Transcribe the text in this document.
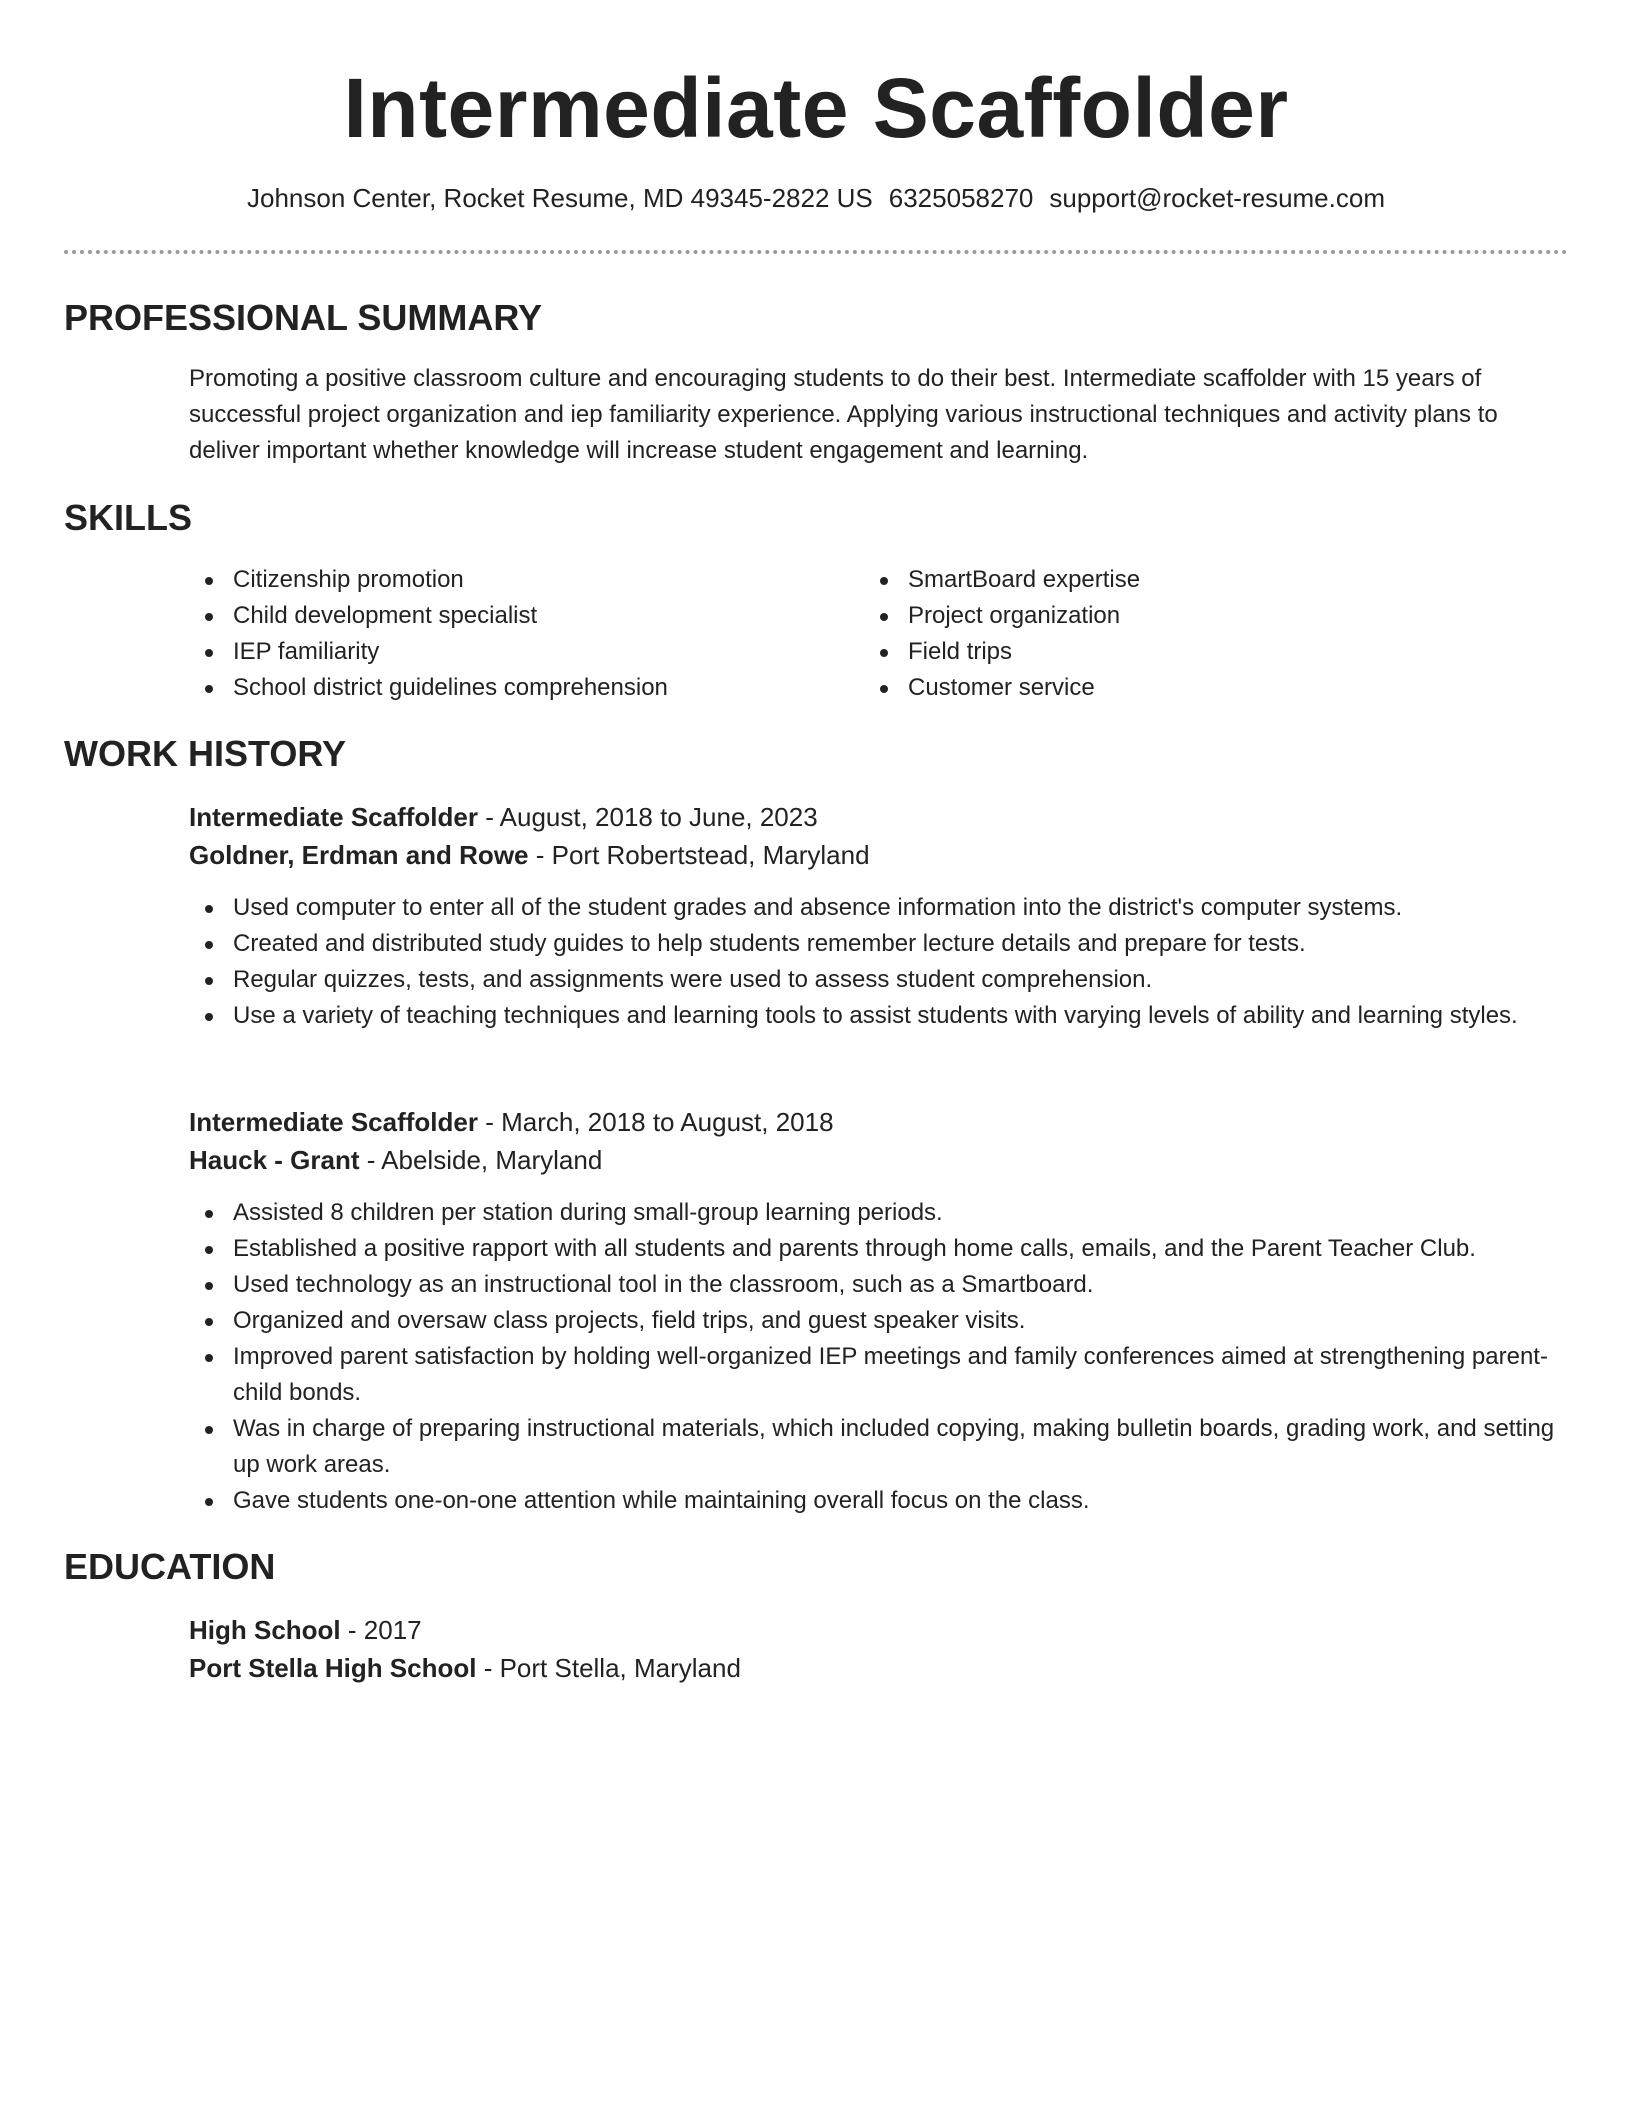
Intermediate Scaffolder

Johnson Center, Rocket Resume, MD 49345-2822 US 6325058270 support@rocket-resume.com

PROFESSIONAL SUMMARY

Promoting a positive classroom culture and encouraging students to do their best. Intermediate scaffolder with 15 years of successful project organization and iep familiarity experience. Applying various instructional techniques and activity plans to deliver important whether knowledge will increase student engagement and learning.

SKILLS
Citizenship promotion
Child development specialist
IEP familiarity
School district guidelines comprehension
SmartBoard expertise
Project organization
Field trips
Customer service
WORK HISTORY

Intermediate Scaffolder - August, 2018 to June, 2023

Goldner, Erdman and Rowe - Port Robertstead, Maryland

Used computer to enter all of the student grades and absence information into the district's computer systems.
Created and distributed study guides to help students remember lecture details and prepare for tests.
Regular quizzes, tests, and assignments were used to assess student comprehension.
Use a variety of teaching techniques and learning tools to assist students with varying levels of ability and learning styles.

Intermediate Scaffolder - March, 2018 to August, 2018

Hauck - Grant - Abelside, Maryland

Assisted 8 children per station during small-group learning periods.
Established a positive rapport with all students and parents through home calls, emails, and the Parent Teacher Club.
Used technology as an instructional tool in the classroom, such as a Smartboard.
Organized and oversaw class projects, field trips, and guest speaker visits.
Improved parent satisfaction by holding well-organized IEP meetings and family conferences aimed at strengthening parent-child bonds.
Was in charge of preparing instructional materials, which included copying, making bulletin boards, grading work, and setting up work areas.
Gave students one-on-one attention while maintaining overall focus on the class.
EDUCATION

High School - 2017

Port Stella High School - Port Stella, Maryland
